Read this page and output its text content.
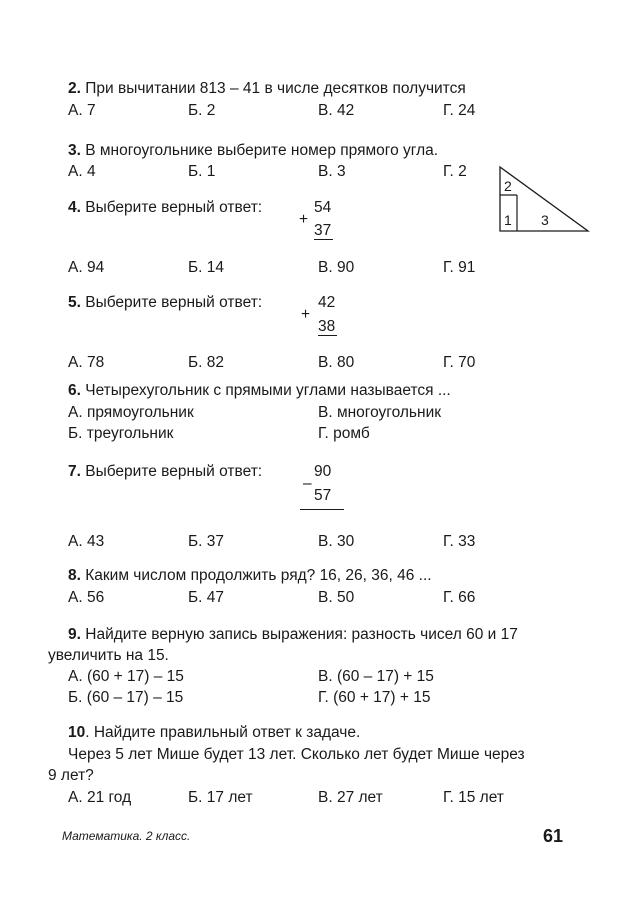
2. При вычитании 813 – 41 в числе десятков получится
А. 7	Б. 2	В. 42	Г. 24
3. В многоугольнике выберите номер прямого угла.
А. 4	Б. 1	В. 3	Г. 2
2
1 3
4. Выберите верный ответ:	54
+
37
А. 94	Б. 14	В. 90	Г. 91
5. Выберите верный ответ:	42
+
38
А. 78	Б. 82	В. 80	Г. 70
6. Четырехугольник с прямыми углами называется ...
А. прямоугольник	В. многоугольник
Б. треугольник	Г. ромб
7. Выберите верный ответ:	90
–
57
А. 43	Б. 37	В. 30	Г. 33
8. Каким числом продолжить ряд? 16, 26, 36, 46 ...
А. 56	Б. 47	В. 50	Г. 66
9. Найдите верную запись выражения: разность чисел 60 и 17
увеличить на 15.
А. (60 + 17) – 15	В. (60 – 17) + 15
Б. (60 – 17) – 15	Г. (60 + 17) + 15
10. Найдите правильный ответ к задаче.
Через 5 лет Мише будет 13 лет. Сколько лет будет Мише через
9 лет?
А. 21 год	Б. 17 лет	В. 27 лет	Г. 15 лет
Математика. 2 класс.	61
